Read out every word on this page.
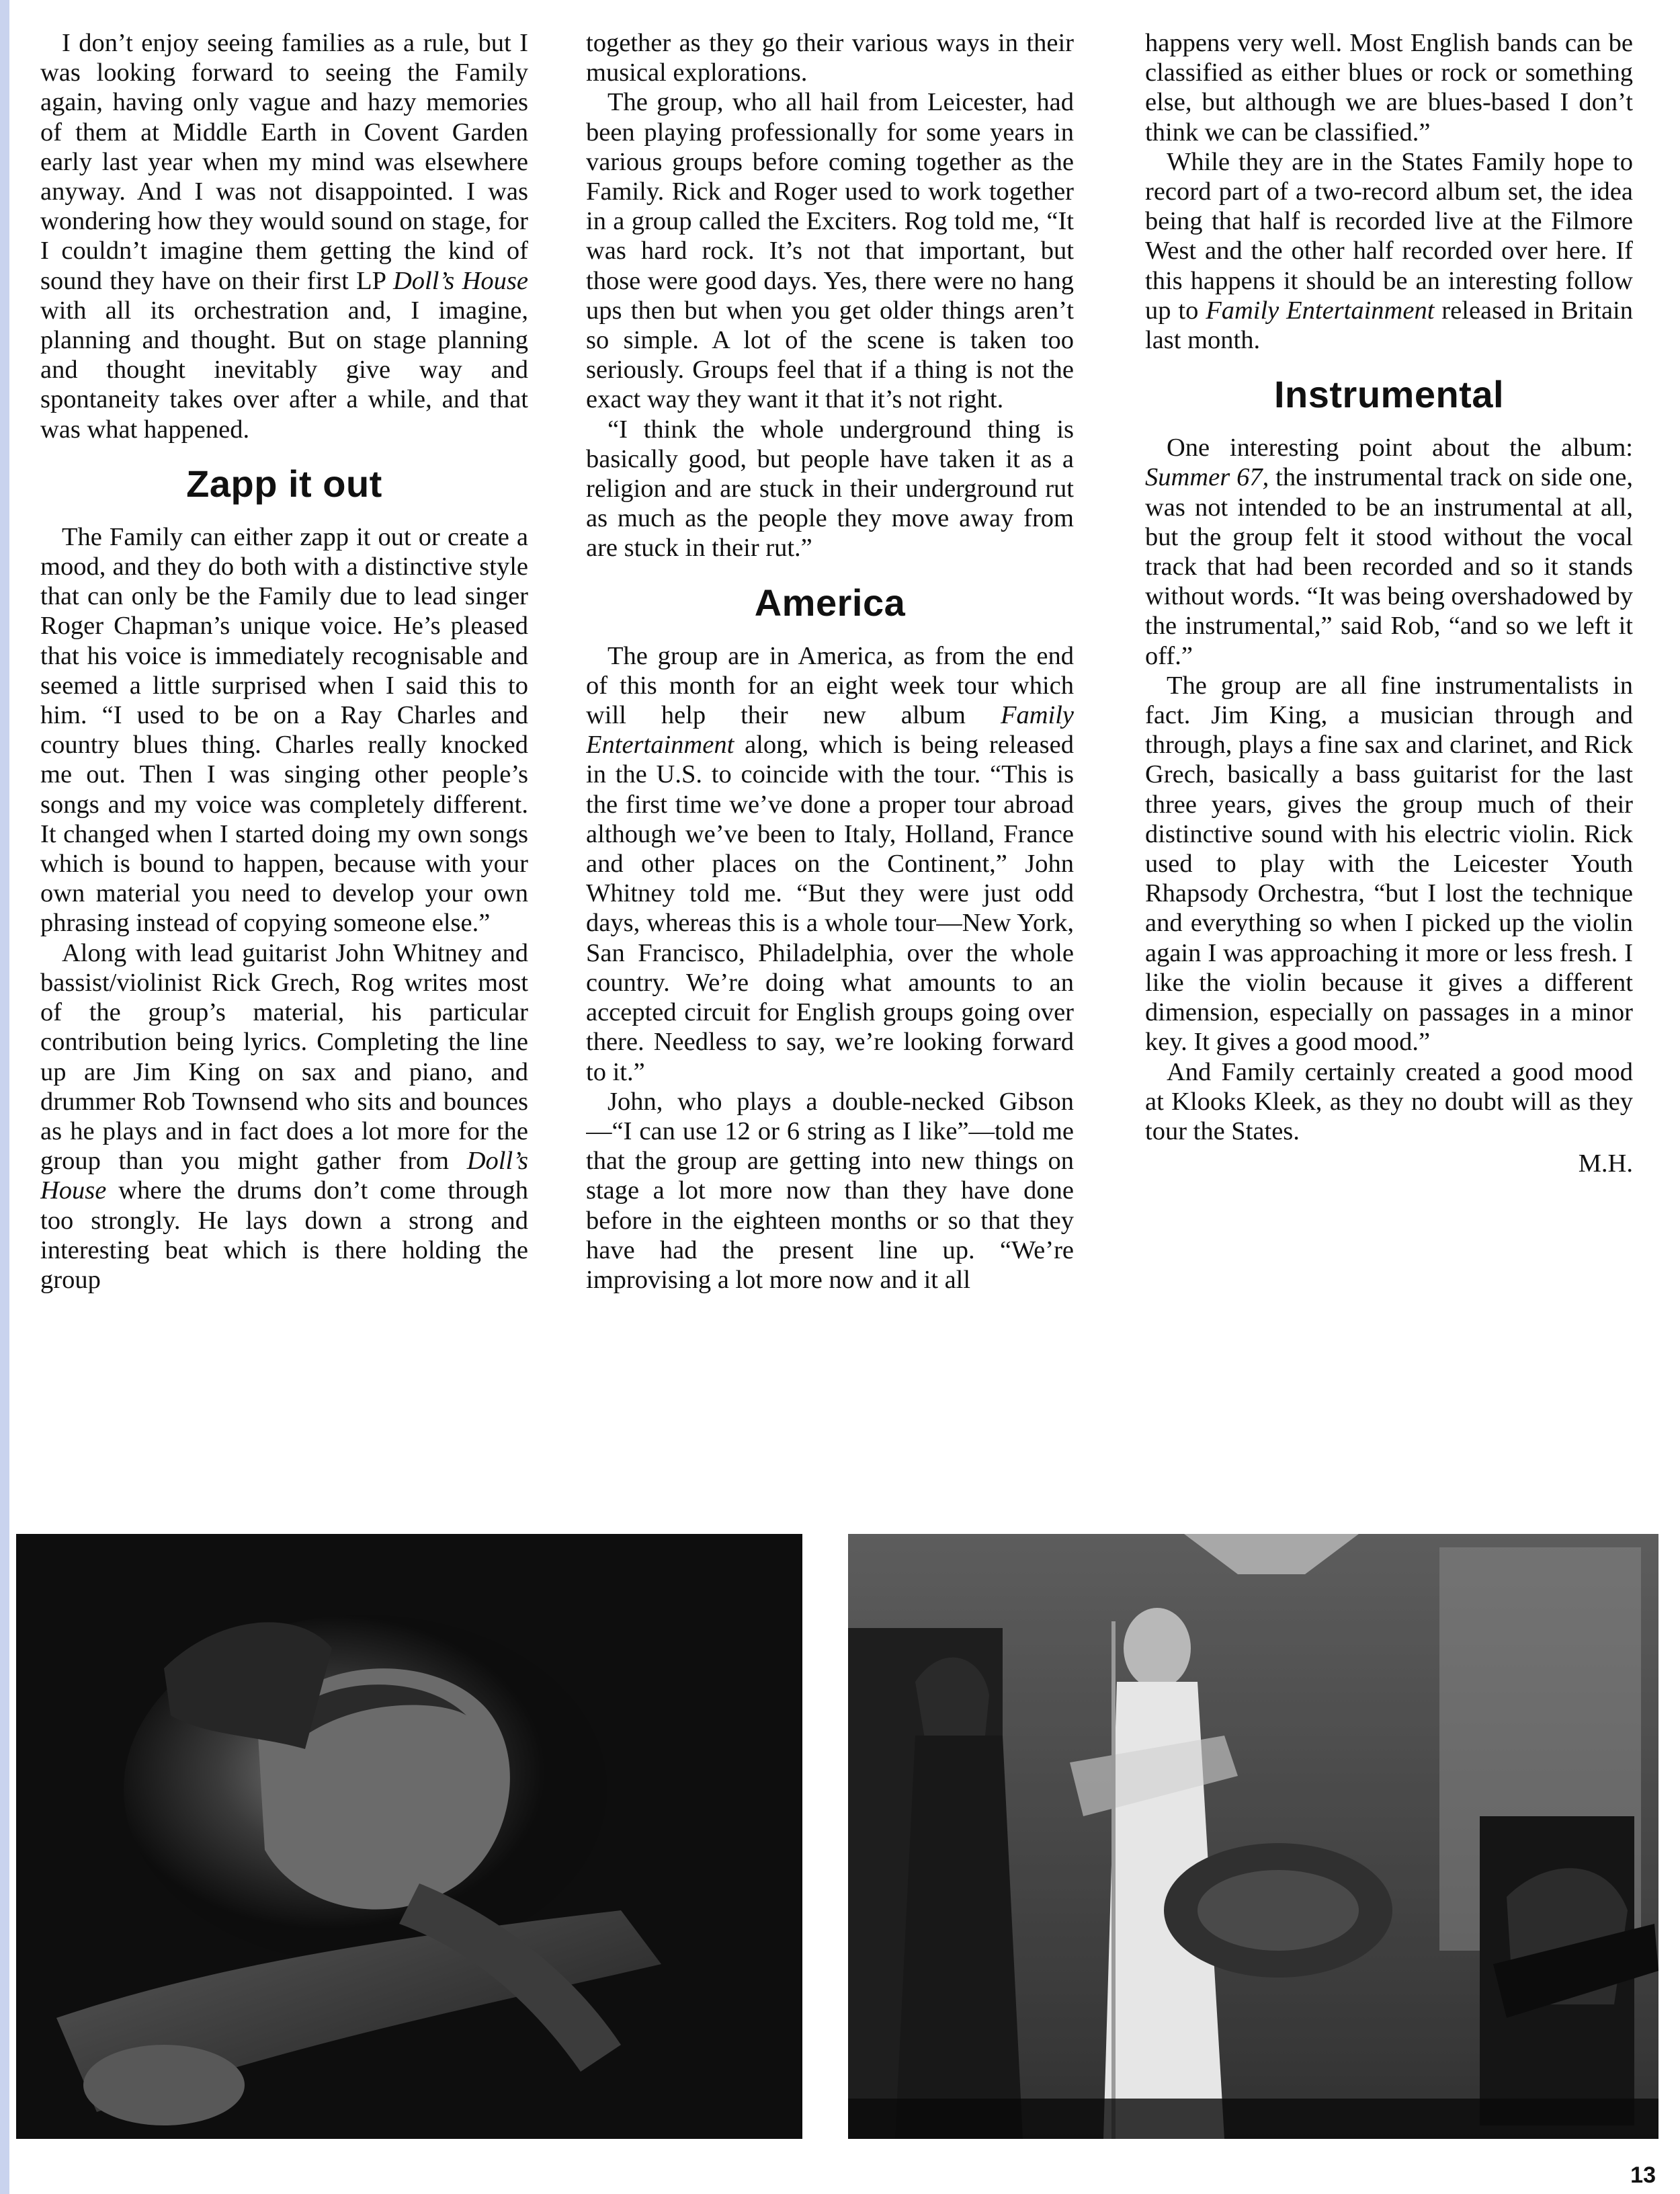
I don’t enjoy seeing families as a rule, but I was looking forward to seeing the Family again, having only vague and hazy memories of them at Middle Earth in Covent Garden early last year when my mind was elsewhere anyway. And I was not disappointed. I was wondering how they would sound on stage, for I couldn’t imagine them getting the kind of sound they have on their first LP Doll’s House with all its orchestration and, I imagine, planning and thought. But on stage planning and thought inevitably give way and spontaneity takes over after a while, and that was what happened.

Zapp it out

The Family can either zapp it out or create a mood, and they do both with a distinctive style that can only be the Family due to lead singer Roger Chapman’s unique voice. He’s pleased that his voice is immediately recognisable and seemed a little surprised when I said this to him. “I used to be on a Ray Charles and country blues thing. Charles really knocked me out. Then I was singing other people’s songs and my voice was completely different. It changed when I started doing my own songs which is bound to happen, because with your own material you need to develop your own phrasing instead of copying someone else.”

Along with lead guitarist John Whitney and bassist/violinist Rick Grech, Rog writes most of the group’s material, his particular contribution being lyrics. Completing the line up are Jim King on sax and piano, and drummer Rob Townsend who sits and bounces as he plays and in fact does a lot more for the group than you might gather from Doll’s House where the drums don’t come through too strongly. He lays down a strong and interesting beat which is there holding the group

together as they go their various ways in their musical explorations.

The group, who all hail from Leicester, had been playing professionally for some years in various groups before coming together as the Family. Rick and Roger used to work together in a group called the Exciters. Rog told me, “It was hard rock. It’s not that important, but those were good days. Yes, there were no hang ups then but when you get older things aren’t so simple. A lot of the scene is taken too seriously. Groups feel that if a thing is not the exact way they want it that it’s not right.

“I think the whole underground thing is basically good, but people have taken it as a religion and are stuck in their underground rut as much as the people they move away from are stuck in their rut.”

America

The group are in America, as from the end of this month for an eight week tour which will help their new album Family Entertainment along, which is being released in the U.S. to coincide with the tour. “This is the first time we’ve done a proper tour abroad although we’ve been to Italy, Holland, France and other places on the Continent,” John Whitney told me. “But they were just odd days, whereas this is a whole tour—New York, San Francisco, Philadelphia, over the whole country. We’re doing what amounts to an accepted circuit for English groups going over there. Needless to say, we’re looking forward to it.”

John, who plays a double-necked Gibson—“I can use 12 or 6 string as I like”—told me that the group are getting into new things on stage a lot more now than they have done before in the eighteen months or so that they have had the present line up. “We’re improvising a lot more now and it all

happens very well. Most English bands can be classified as either blues or rock or something else, but although we are blues-based I don’t think we can be classified.”

While they are in the States Family hope to record part of a two-record album set, the idea being that half is recorded live at the Filmore West and the other half recorded over here. If this happens it should be an interesting follow up to Family Entertainment released in Britain last month.

Instrumental

One interesting point about the album: Summer 67, the instrumental track on side one, was not intended to be an instrumental at all, but the group felt it stood without the vocal track that had been recorded and so it stands without words. “It was being overshadowed by the instrumental,” said Rob, “and so we left it off.”

The group are all fine instrumentalists in fact. Jim King, a musician through and through, plays a fine sax and clarinet, and Rick Grech, basically a bass guitarist for the last three years, gives the group much of their distinctive sound with his electric violin. Rick used to play with the Leicester Youth Rhapsody Orchestra, “but I lost the technique and everything so when I picked up the violin again I was approaching it more or less fresh. I like the violin because it gives a different dimension, especially on passages in a minor key. It gives a good mood.”

And Family certainly created a good mood at Klooks Kleek, as they no doubt will as they tour the States.

M.H.
13
